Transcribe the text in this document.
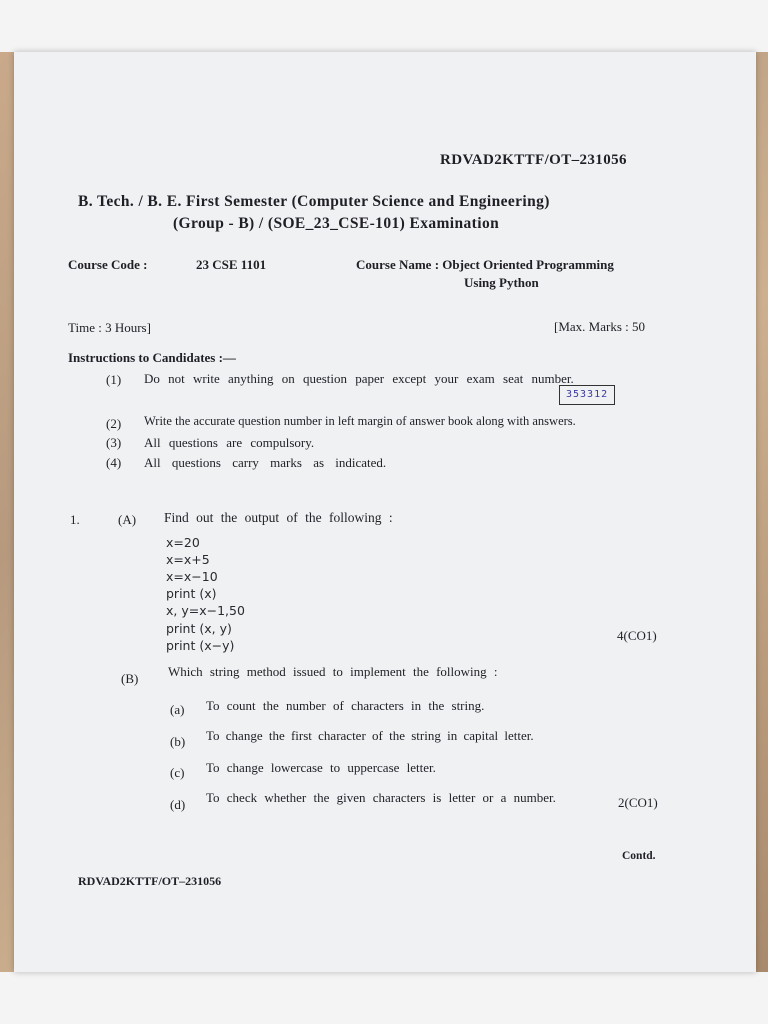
RDVAD2KTTF/OT–231056
B. Tech. / B. E. First Semester (Computer Science and Engineering)
(Group - B) / (SOE_23_CSE-101) Examination
Course Code :	23 CSE 1101	Course Name : Object Oriented Programming
Using Python
Time : 3 Hours]	[Max. Marks : 50
Instructions to Candidates :—
(1) Do not write anything on question paper except your exam seat number.
353312
(2) Write the accurate question number in left margin of answer book along with answers.
(3) All questions are compulsory.
(4) All questions carry marks as indicated.
1.	(A) Find out the output of the following :
x=20
x=x+5
x=x−10
print (x)
x, y=x−1,50
print (x, y)
print (x−y)
4(CO1)
(B) Which string method issued to implement the following :
(a) To count the number of characters in the string.
(b) To change the first character of the string in capital letter.
(c) To change lowercase to uppercase letter.
(d) To check whether the given characters is letter or a number.	2(CO1)
Contd.
RDVAD2KTTF/OT–231056
